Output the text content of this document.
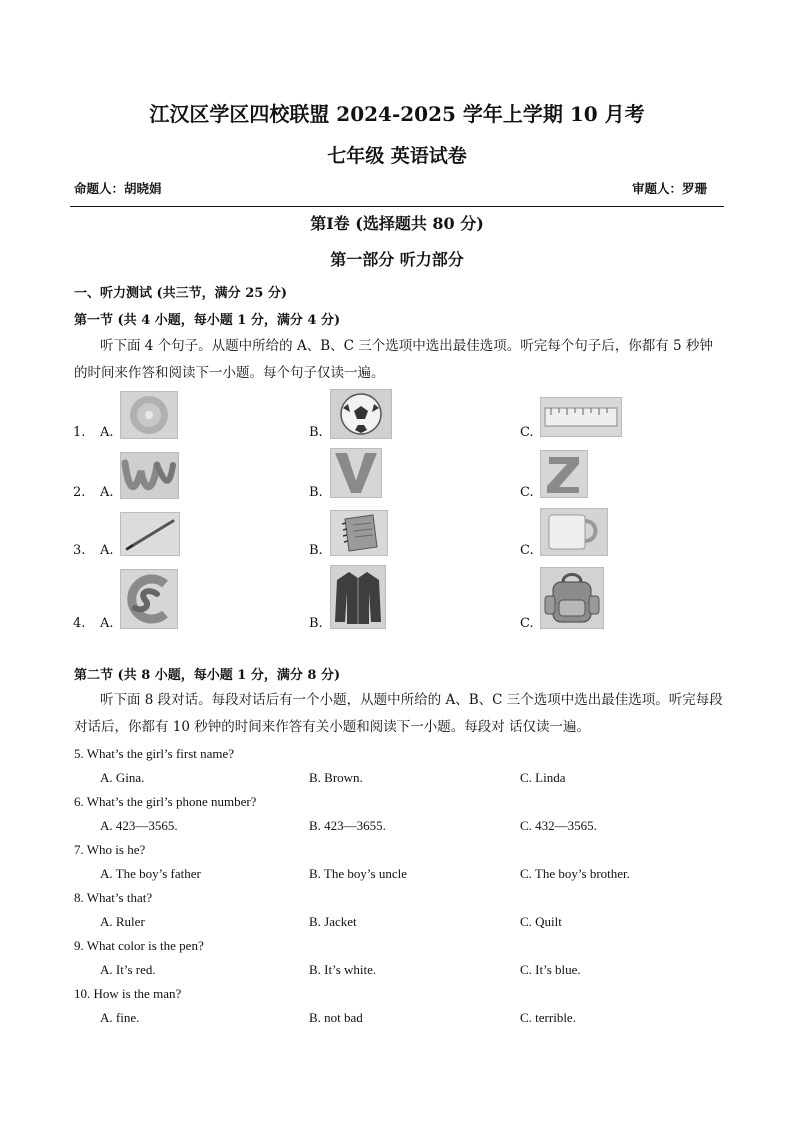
江汉区学区四校联盟 2024-2025 学年上学期 10 月考
七年级 英语试卷
命题人：胡晓娟	审题人：罗珊
第Ⅰ卷 (选择题共 80 分)
第一部分 听力部分
一、听力测试 (共三节，满分 25 分)
第一节 (共 4 小题，每小题 1 分，满分 4 分)
听下面 4 个句子。从题中所给的 A、B、C 三个选项中选出最佳选项。听完每个句子后，你都有 5 秒钟的时间来作答和阅读下一小题。每个句子仅读一遍。
1. A.	B.	C.
2. A.	B.	C.
3. A.	B.	C.
4. A.	B.	C.
第二节 (共 8 小题，每小题 1 分，满分 8 分)
听下面 8 段对话。每段对话后有一个小题，从题中所给的 A、B、C 三个选项中选出最佳选项。听完每段对话后，你都有 10 秒钟的时间来作答有关小题和阅读下一小题。每段对 话仅读一遍。
5. What’s the girl’s first name?
A. Gina.	B. Brown.	C. Linda
6. What’s the girl’s phone number?
A. 423—3565.	B. 423—3655.	C. 432—3565.
7. Who is he?
A. The boy’s father	B. The boy’s uncle	C. The boy’s brother.
8. What’s that?
A. Ruler	B. Jacket	C. Quilt
9. What color is the pen?
A. It’s red.	B. It’s white.	C. It’s blue.
10. How is the man?
A. fine.	B. not bad	C. terrible.
